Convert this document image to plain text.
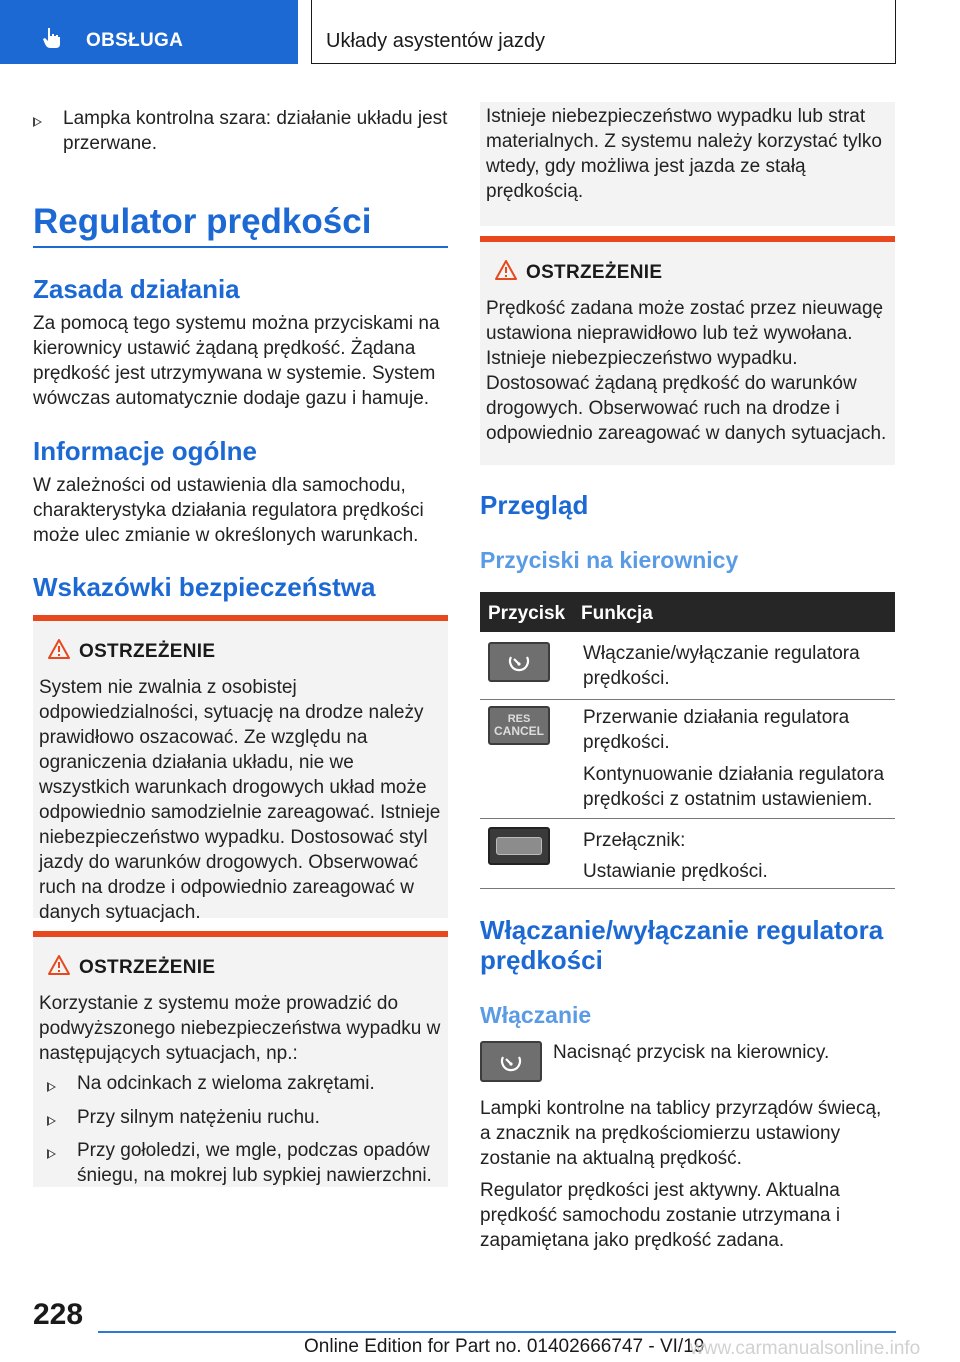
OBSŁUGA	Układy asystentów jazdy
Lampka kontrolna szara: działanie układu jest przerwane.
Regulator prędkości
Zasada działania
Za pomocą tego systemu można przyciskami na kierownicy ustawić żądaną prędkość. Żądana prędkość jest utrzymywana w systemie. System wówczas automatycznie dodaje gazu i hamuje.
Informacje ogólne
W zależności od ustawienia dla samochodu, charakterystyka działania regulatora prędkości może ulec zmianie w określonych warunkach.
Wskazówki bezpieczeństwa
OSTRZEŻENIE
System nie zwalnia z osobistej odpowiedzialności, sytuację na drodze należy prawidłowo oszacować. Ze względu na ograniczenia działania układu, nie we wszystkich warunkach drogowych układ może odpowiednio samodzielnie zareagować. Istnieje niebezpieczeństwo wypadku. Dostosować styl jazdy do warunków drogowych. Obserwować ruch na drodze i odpowiednio zareagować w danych sytuacjach.
OSTRZEŻENIE
Korzystanie z systemu może prowadzić do podwyższonego niebezpieczeństwa wypadku w następujących sytuacjach, np.:
Na odcinkach z wieloma zakrętami.
Przy silnym natężeniu ruchu.
Przy gołoledzi, we mgle, podczas opadów śniegu, na mokrej lub sypkiej nawierzchni.
Istnieje niebezpieczeństwo wypadku lub strat materialnych. Z systemu należy korzystać tylko wtedy, gdy możliwa jest jazda ze stałą prędkością.
OSTRZEŻENIE
Prędkość zadana może zostać przez nieuwagę ustawiona nieprawidłowo lub też wywołana. Istnieje niebezpieczeństwo wypadku. Dostosować żądaną prędkość do warunków drogowych. Obserwować ruch na drodze i odpowiednio zareagować w danych sytuacjach.
Przegląd
Przyciski na kierownicy
Przycisk Funkcja
Włączanie/wyłączanie regulatora prędkości.
RES
CANCEL
Przerwanie działania regulatora prędkości.
Kontynuowanie działania regulatora prędkości z ostatnim ustawieniem.
Przełącznik:
Ustawianie prędkości.
Włączanie/wyłączanie regulatora
prędkości
Włączanie
Nacisnąć przycisk na kierownicy.
Lampki kontrolne na tablicy przyrządów świecą, a znacznik na prędkościomierzu ustawiony zostanie na aktualną prędkość.
Regulator prędkości jest aktywny. Aktualna prędkość samochodu zostanie utrzymana i zapamiętana jako prędkość zadana.
228
Online Edition for Part no. 01402666747 - VI/19
www.carmanualsonline.info
